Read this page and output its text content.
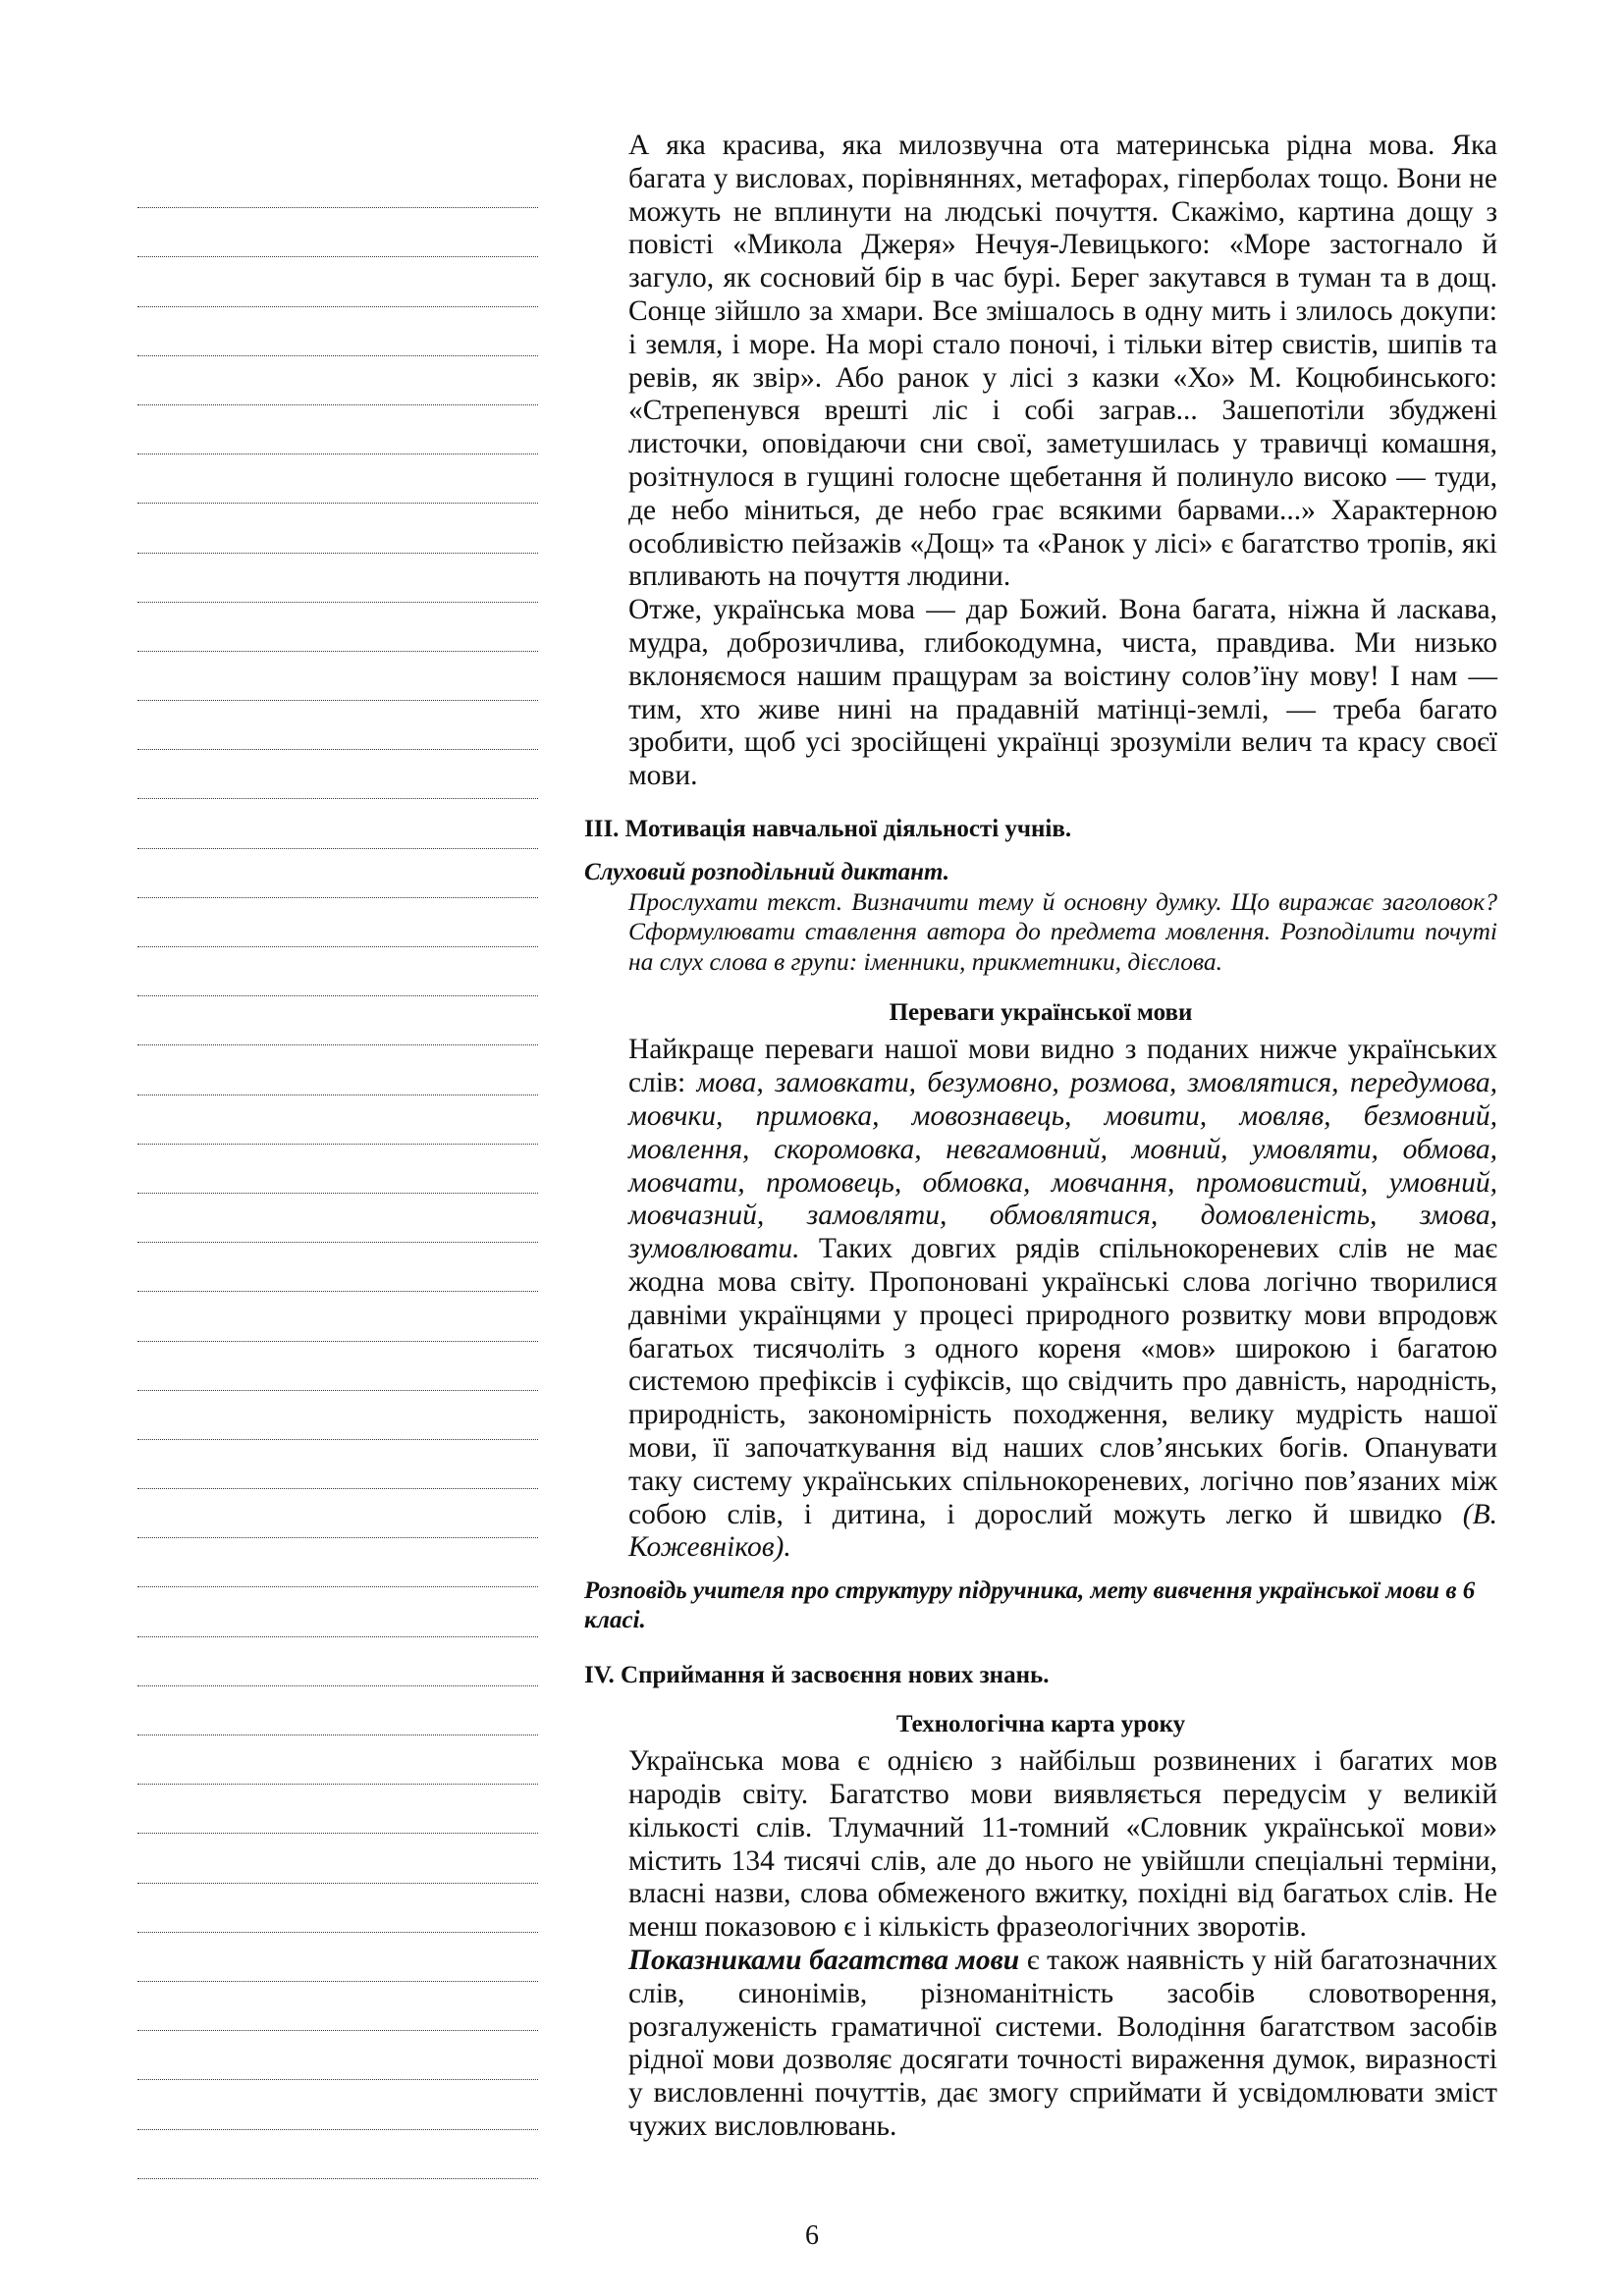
А яка красива, яка милозвучна ота материнська рідна мова. Яка багата у висловах, порівняннях, метафорах, гіперболах тощо. Вони не можуть не вплинути на людські почуття. Скажімо, картина дощу з повісті «Микола Джеря» Нечуя-Левицького: «Море застогнало й загуло, як сосновий бір в час бурі. Берег закутався в туман та в дощ. Сонце зійшло за хмари. Все змішалось в одну мить і злилось докупи: і земля, і море. На морі стало поночі, і тільки вітер свистів, шипів та ревів, як звір». Або ранок у лісі з казки «Хо» М. Коцюбинського: «Стрепенувся врешті ліс і собі заграв... Зашепотіли збуджені листочки, оповідаючи сни свої, заметушилась у травичці комашня, розітнулося в гущині голосне щебетання й полинуло високо — туди, де небо міниться, де небо грає всякими барвами...» Характерною особливістю пейзажів «Дощ» та «Ранок у лісі» є багатство тропів, які впливають на почуття людини.

Отже, українська мова — дар Божий. Вона багата, ніжна й ласкава, мудра, доброзичлива, глибокодумна, чиста, правдива. Ми низько вклоняємося нашим пращурам за воістину солов’їну мову! І нам — тим, хто живе нині на прадавній матінці-землі, — треба багато зробити, щоб усі зросійщені українці зрозуміли велич та красу своєї мови.

III. Мотивація навчальної діяльності учнів.

Слуховий розподільний диктант.

Прослухати текст. Визначити тему й основну думку. Що виражає заголовок? Сформулювати ставлення автора до предмета мовлення. Розподілити почуті на слух слова в групи: іменники, прикметники, дієслова.

Переваги української мови

Найкраще переваги нашої мови видно з поданих нижче українських слів: мова, замовкати, безумовно, розмова, змовлятися, передумова, мовчки, примовка, мовознавець, мовити, мовляв, безмовний, мовлення, скоромовка, невгамовний, мовний, умовляти, обмова, мовчати, промовець, обмовка, мовчання, промовистий, умовний, мовчазний, замовляти, обмовлятися, домовленість, змова, зумовлювати. Таких довгих рядів спільнокореневих слів не має жодна мова світу. Пропоновані українські слова логічно творилися давніми українцями у процесі природного розвитку мови впродовж багатьох тисячоліть з одного кореня «мов» широкою і багатою системою префіксів і суфіксів, що свідчить про давність, народність, природність, закономірність походження, велику мудрість нашої мови, її започаткування від наших слов’янських богів. Опанувати таку систему українських спільнокореневих, логічно пов’язаних між собою слів, і дитина, і дорослий можуть легко й швидко (В. Кожевніков).

Розповідь учителя про структуру підручника, мету вивчення української мови в 6 класі.

IV. Сприймання й засвоєння нових знань.

Технологічна карта уроку

Українська мова є однією з найбільш розвинених і багатих мов народів світу. Багатство мови виявляється передусім у великій кількості слів. Тлумачний 11-томний «Словник української мови» містить 134 тисячі слів, але до нього не увійшли спеціальні терміни, власні назви, слова обмеженого вжитку, похідні від багатьох слів. Не менш показовою є і кількість фразеологічних зворотів.

Показниками багатства мови є також наявність у ній багатозначних слів, синонімів, різноманітність засобів словотворення, розгалуженість граматичної системи. Володіння багатством засобів рідної мови дозволяє досягати точності вираження думок, виразності у висловленні почуттів, дає змогу сприймати й усвідомлювати зміст чужих висловлювань.

6
